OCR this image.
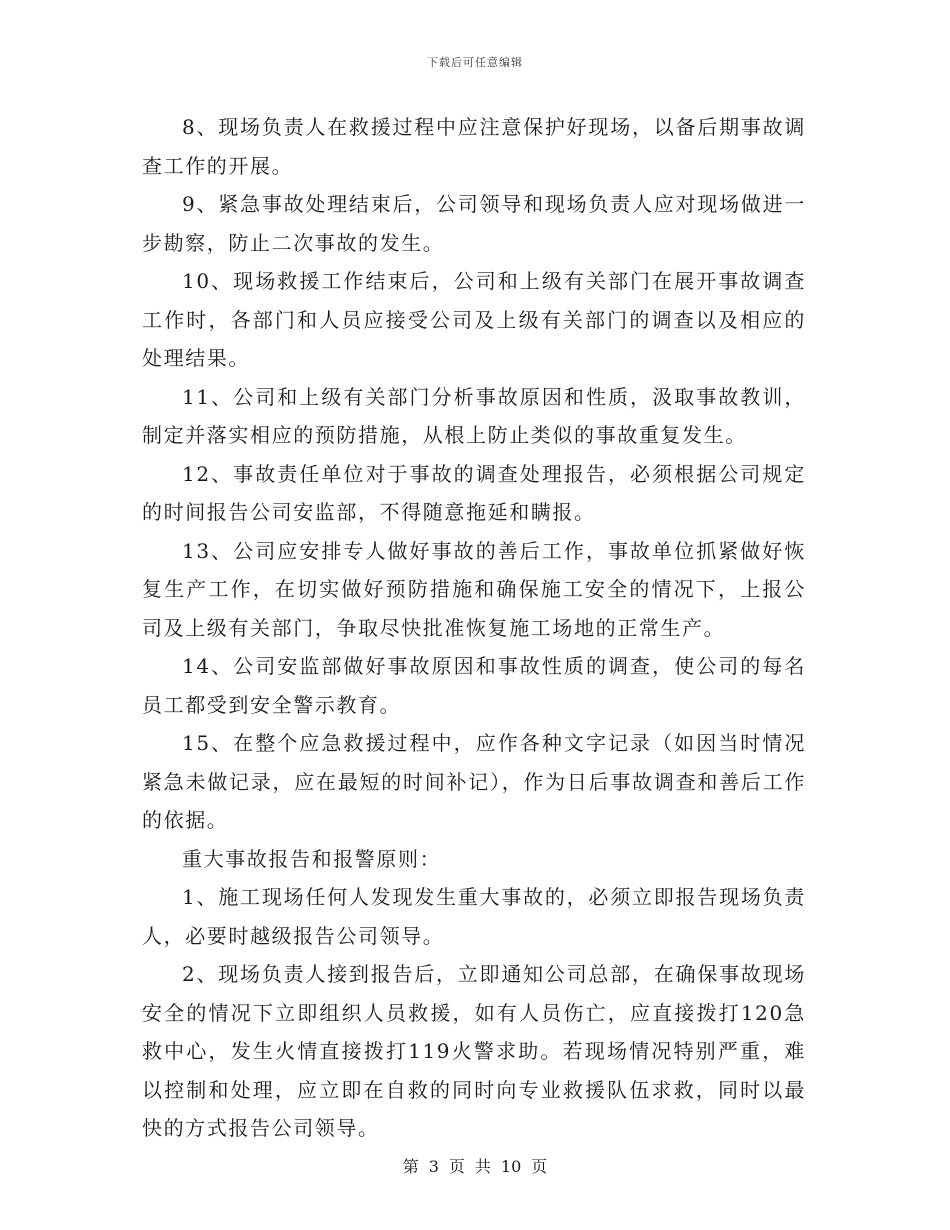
下载后可任意编辑

8、现场负责人在救援过程中应注意保护好现场，以备后期事故调查工作的开展。

9、紧急事故处理结束后，公司领导和现场负责人应对现场做进一步勘察，防止二次事故的发生。

10、现场救援工作结束后，公司和上级有关部门在展开事故调查工作时，各部门和人员应接受公司及上级有关部门的调查以及相应的处理结果。

11、公司和上级有关部门分析事故原因和性质，汲取事故教训，制定并落实相应的预防措施，从根上防止类似的事故重复发生。

12、事故责任单位对于事故的调查处理报告，必须根据公司规定的时间报告公司安监部，不得随意拖延和瞒报。

13、公司应安排专人做好事故的善后工作，事故单位抓紧做好恢复生产工作，在切实做好预防措施和确保施工安全的情况下，上报公司及上级有关部门，争取尽快批准恢复施工场地的正常生产。

14、公司安监部做好事故原因和事故性质的调查，使公司的每名员工都受到安全警示教育。

15、在整个应急救援过程中，应作各种文字记录（如因当时情况紧急未做记录，应在最短的时间补记），作为日后事故调查和善后工作的依据。

重大事故报告和报警原则：

1、施工现场任何人发现发生重大事故的，必须立即报告现场负责人，必要时越级报告公司领导。

2、现场负责人接到报告后，立即通知公司总部，在确保事故现场安全的情况下立即组织人员救援，如有人员伤亡，应直接拨打120急救中心，发生火情直接拨打119火警求助。若现场情况特别严重，难以控制和处理，应立即在自救的同时向专业救援队伍求救，同时以最快的方式报告公司领导。

第 3 页 共 10 页
